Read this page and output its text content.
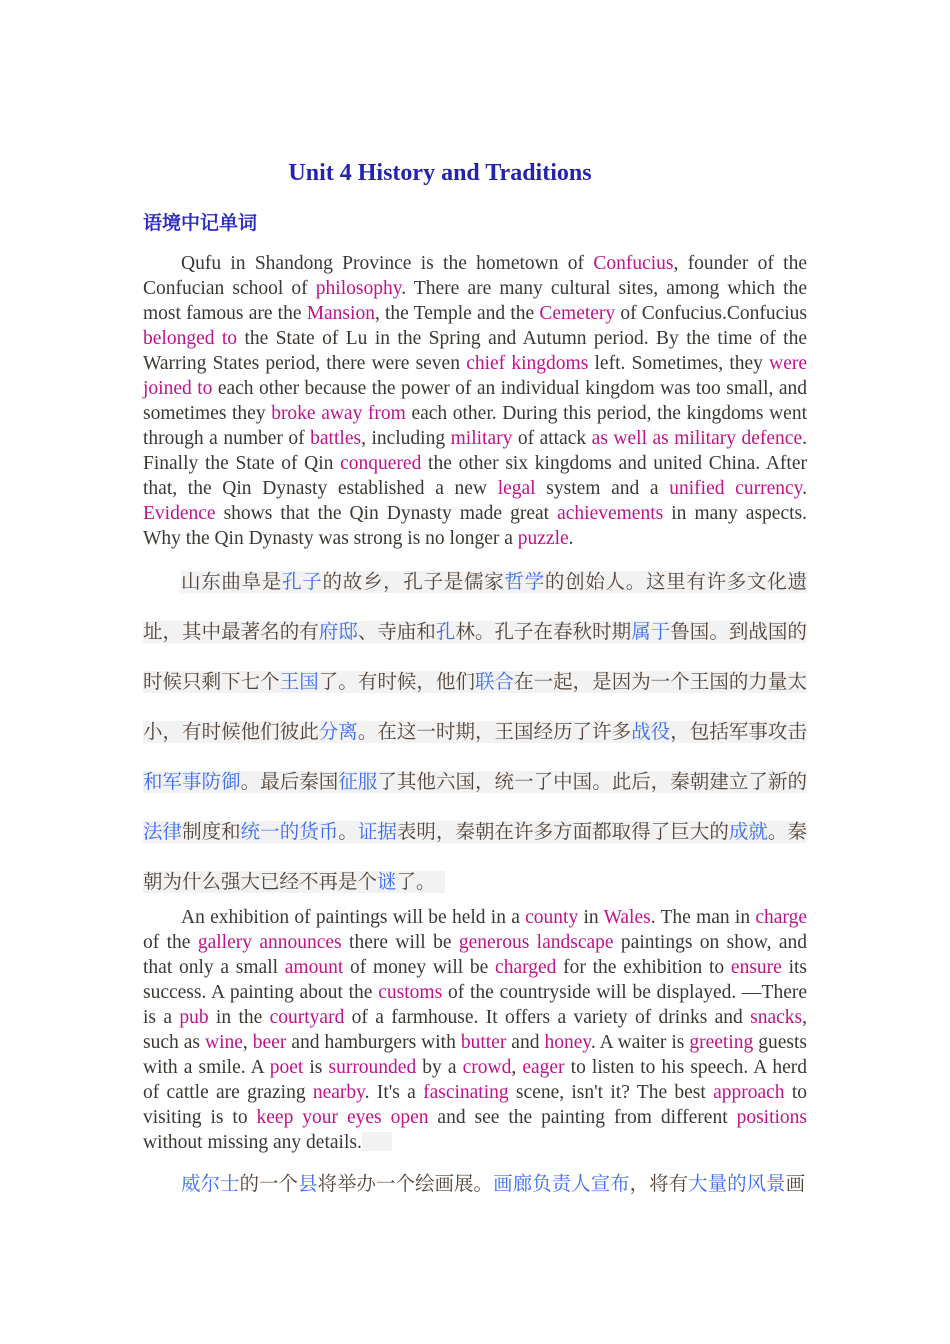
Unit 4 History and Traditions
语境中记单词

Qufu in Shandong Province is the hometown of Confucius, founder of the Confucian school of philosophy. There are many cultural sites, among which the most famous are the Mansion, the Temple and the Cemetery of Confucius.Confucius belonged to the State of Lu in the Spring and Autumn period. By the time of the Warring States period, there were seven chief kingdoms left. Sometimes, they were joined to each other because the power of an individual kingdom was too small, and sometimes they broke away from each other. During this period, the kingdoms went through a number of battles, including military of attack as well as military defence. Finally the State of Qin conquered the other six kingdoms and united China. After that, the Qin Dynasty established a new legal system and a unified currency. Evidence shows that the Qin Dynasty made great achievements in many aspects. Why the Qin Dynasty was strong is no longer a puzzle.

山东曲阜是孔子的故乡，孔子是儒家哲学的创始人。这里有许多文化遗址，其中最著名的有府邸、寺庙和孔林。孔子在春秋时期属于鲁国。到战国的时候只剩下七个王国了。有时候，他们联合在一起，是因为一个王国的力量太小，有时候他们彼此分离。在这一时期，王国经历了许多战役，包括军事攻击和军事防御。最后秦国征服了其他六国，统一了中国。此后，秦朝建立了新的法律制度和统一的货币。证据表明，秦朝在许多方面都取得了巨大的成就。秦朝为什么强大已经不再是个谜了。　

An exhibition of paintings will be held in a county in Wales. The man in charge of the gallery announces there will be generous landscape paintings on show, and that only a small amount of money will be charged for the exhibition to ensure its success. A painting about the customs of the countryside will be displayed. —There is a pub in the courtyard of a farmhouse. It offers a variety of drinks and snacks, such as wine, beer and hamburgers with butter and honey. A waiter is greeting guests with a smile. A poet is surrounded by a crowd, eager to listen to his speech. A herd of cattle are grazing nearby. It's a fascinating scene, isn't it? The best approach to visiting is to keep your eyes open and see the painting from different positions without missing any details.

威尔士的一个县将举办一个绘画展。画廊负责人宣布，将有大量的风景画
